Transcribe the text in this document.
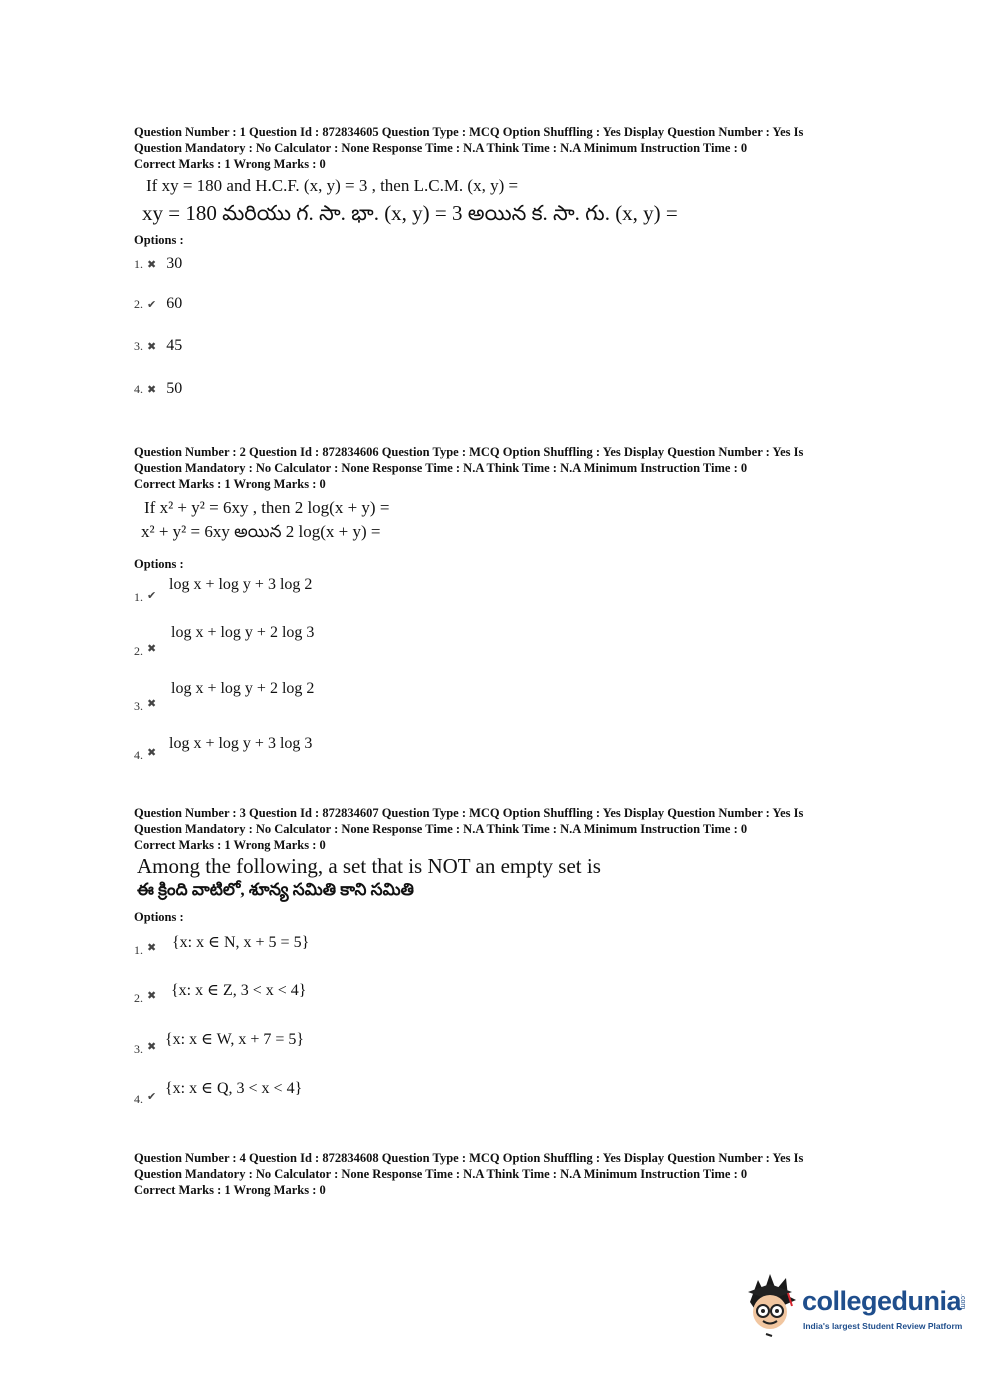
Question Number : 1 Question Id : 872834605 Question Type : MCQ Option Shuffling : Yes Display Question Number : Yes Is
Question Mandatory : No Calculator : None Response Time : N.A Think Time : N.A Minimum Instruction Time : 0
Correct Marks : 1 Wrong Marks : 0
If xy = 180 and H.C.F. (x, y) = 3 , then L.C.M. (x, y) =
xy = 180 మరియు గ. సా. భా. (x, y) = 3 అయిన క. సా. గు. (x, y) =
Options :
1. ✖ 30
2. ✔ 60
3. ✖ 45
4. ✖ 50
Question Number : 2 Question Id : 872834606 Question Type : MCQ Option Shuffling : Yes Display Question Number : Yes Is
Question Mandatory : No Calculator : None Response Time : N.A Think Time : N.A Minimum Instruction Time : 0
Correct Marks : 1 Wrong Marks : 0
If x² + y² = 6xy , then 2 log(x + y) =
x² + y² = 6xy అయిన 2 log(x + y) =
Options :
1. ✔
log x + log y + 3 log 2
2. ✖
log x + log y + 2 log 3
3. ✖
log x + log y + 2 log 2
4. ✖
log x + log y + 3 log 3
Question Number : 3 Question Id : 872834607 Question Type : MCQ Option Shuffling : Yes Display Question Number : Yes Is
Question Mandatory : No Calculator : None Response Time : N.A Think Time : N.A Minimum Instruction Time : 0
Correct Marks : 1 Wrong Marks : 0
Among the following, a set that is NOT an empty set is
ఈ క్రింది వాటిలో, శూన్య సమితి కాని సమితి
Options :
1. ✖ {x: x ∈ N, x + 5 = 5}
2. ✖ {x: x ∈ Z, 3 < x < 4}
3. ✖ {x: x ∈ W, x + 7 = 5}
4. ✔ {x: x ∈ Q, 3 < x < 4}
Question Number : 4 Question Id : 872834608 Question Type : MCQ Option Shuffling : Yes Display Question Number : Yes Is
Question Mandatory : No Calculator : None Response Time : N.A Think Time : N.A Minimum Instruction Time : 0
Correct Marks : 1 Wrong Marks : 0
collegedunia
.com
India's largest Student Review Platform
